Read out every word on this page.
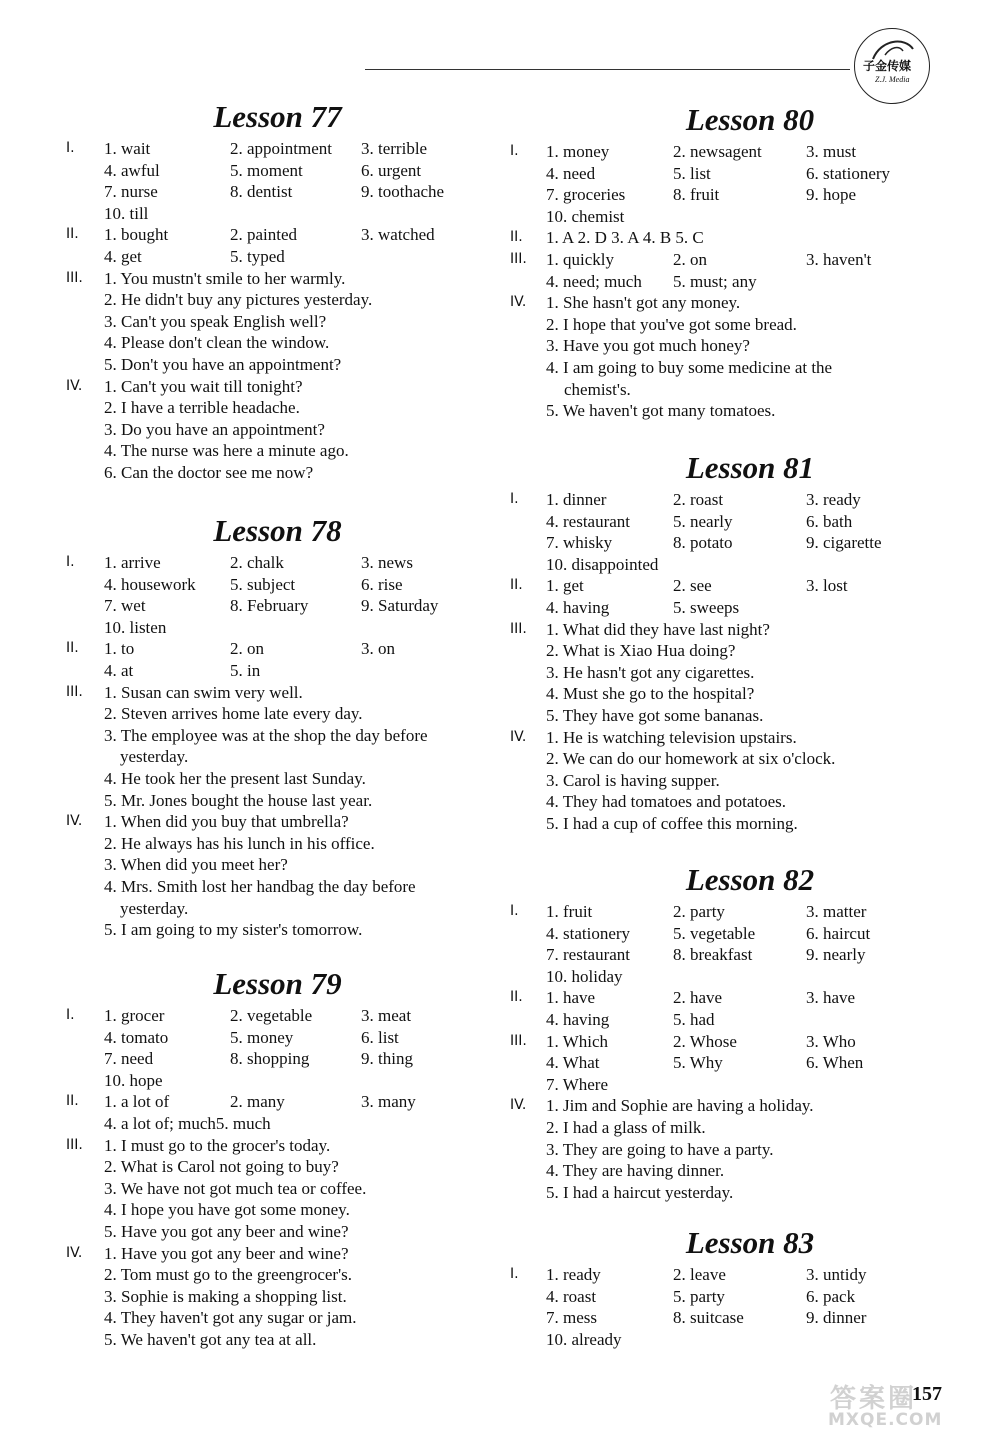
子金传媒
Z.J. Media
Lesson 77
I. 1. wait	2. appointment 3. terrible
4. awful	5. moment	6. urgent
7. nurse	8. dentist	9. toothache
10. till
II. 1. bought	2. painted	3. watched
4. get	5. typed
III. 1. You mustn't smile to her warmly.
2. He didn't buy any pictures yesterday.
3. Can't you speak English well?
4. Please don't clean the window.
5. Don't you have an appointment?
IV. 1. Can't you wait till tonight?
2. I have a terrible headache.
3. Do you have an appointment?
4. The nurse was here a minute ago.
6. Can the doctor see me now?
Lesson 78
I. 1. arrive	2. chalk	3. news
4. housework 5. subject	6. rise
7. wet	8. February	9. Saturday
10. listen
II. 1. to	2. on	3. on
4. at	5. in
III. 1. Susan can swim very well.
2. Steven arrives home late every day.
3. The employee was at the shop the day before
yesterday.
4. He took her the present last Sunday.
5. Mr. Jones bought the house last year.
IV. 1. When did you buy that umbrella?
2. He always has his lunch in his office.
3. When did you meet her?
4. Mrs. Smith lost her handbag the day before
yesterday.
5. I am going to my sister's tomorrow.
Lesson 79
I. 1. grocer	2. vegetable	3. meat
4. tomato	5. money	6. list
7. need	8. shopping	9. thing
10. hope
II. 1. a lot of	2. many	3. many
4. a lot of; much5. much
III. 1. I must go to the grocer's today.
2. What is Carol not going to buy?
3. We have not got much tea or coffee.
4. I hope you have got some money.
5. Have you got any beer and wine?
IV. 1. Have you got any beer and wine?
2. Tom must go to the greengrocer's.
3. Sophie is making a shopping list.
4. They haven't got any sugar or jam.
5. We haven't got any tea at all.
Lesson 80
I. 1. money	2. newsagent	3. must
4. need	5. list	6. stationery
7. groceries	8. fruit	9. hope
10. chemist
II. 1. A 2. D 3. A 4. B 5. C
III. 1. quickly	2. on	3. haven't
4. need; much 5. must; any
IV. 1. She hasn't got any money.
2. I hope that you've got some bread.
3. Have you got much honey?
4. I am going to buy some medicine at the
chemist's.
5. We haven't got many tomatoes.
Lesson 81
I. 1. dinner	2. roast	3. ready
4. restaurant	5. nearly	6. bath
7. whisky	8. potato	9. cigarette
10. disappointed
II. 1. get	2. see	3. lost
4. having	5. sweeps
III. 1. What did they have last night?
2. What is Xiao Hua doing?
3. He hasn't got any cigarettes.
4. Must she go to the hospital?
5. They have got some bananas.
IV. 1. He is watching television upstairs.
2. We can do our homework at six o'clock.
3. Carol is having supper.
4. They had tomatoes and potatoes.
5. I had a cup of coffee this morning.
Lesson 82
I. 1. fruit	2. party	3. matter
4. stationery	5. vegetable	6. haircut
7. restaurant	8. breakfast	9. nearly
10. holiday
II. 1. have	2. have	3. have
4. having	5. had
III. 1. Which	2. Whose	3. Who
4. What	5. Why	6. When
7. Where
IV. 1. Jim and Sophie are having a holiday.
2. I had a glass of milk.
3. They are going to have a party.
4. They are having dinner.
5. I had a haircut yesterday.
Lesson 83
I. 1. ready	2. leave	3. untidy
4. roast	5. party	6. pack
7. mess	8. suitcase	9. dinner
10. already
157
答案圈
MXQE.COM
